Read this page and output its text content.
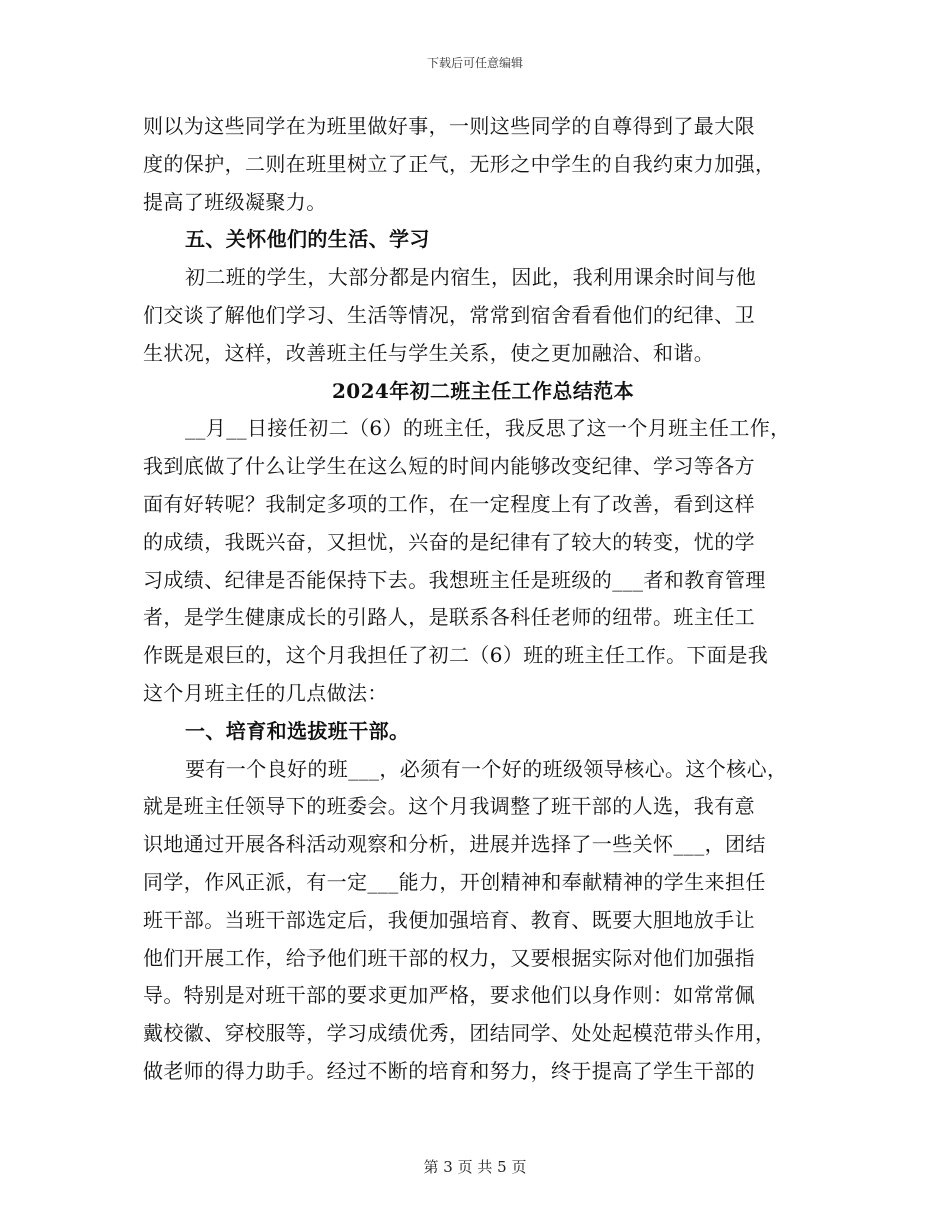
下载后可任意编辑
则以为这些同学在为班里做好事，一则这些同学的自尊得到了最大限
度的保护，二则在班里树立了正气，无形之中学生的自我约束力加强，
提高了班级凝聚力。
五、关怀他们的生活、学习
初二班的学生，大部分都是内宿生，因此，我利用课余时间与他
们交谈了解他们学习、生活等情况，常常到宿舍看看他们的纪律、卫
生状况，这样，改善班主任与学生关系，使之更加融洽、和谐。
2024年初二班主任工作总结范本
__月__日接任初二（6）的班主任，我反思了这一个月班主任工作，
我到底做了什么让学生在这么短的时间内能够改变纪律、学习等各方
面有好转呢？我制定多项的工作，在一定程度上有了改善，看到这样
的成绩，我既兴奋，又担忧，兴奋的是纪律有了较大的转变，忧的学
习成绩、纪律是否能保持下去。我想班主任是班级的___者和教育管理
者，是学生健康成长的引路人，是联系各科任老师的纽带。班主任工
作既是艰巨的，这个月我担任了初二（6）班的班主任工作。下面是我
这个月班主任的几点做法：
一、培育和选拔班干部。
要有一个良好的班___，必须有一个好的班级领导核心。这个核心，
就是班主任领导下的班委会。这个月我调整了班干部的人选，我有意
识地通过开展各科活动观察和分析，进展并选择了一些关怀___，团结
同学，作风正派，有一定___能力，开创精神和奉献精神的学生来担任
班干部。当班干部选定后，我便加强培育、教育、既要大胆地放手让
他们开展工作，给予他们班干部的权力，又要根据实际对他们加强指
导。特别是对班干部的要求更加严格，要求他们以身作则：如常常佩
戴校徽、穿校服等，学习成绩优秀，团结同学、处处起模范带头作用，
做老师的得力助手。经过不断的培育和努力，终于提高了学生干部的
第 3 页 共 5 页
